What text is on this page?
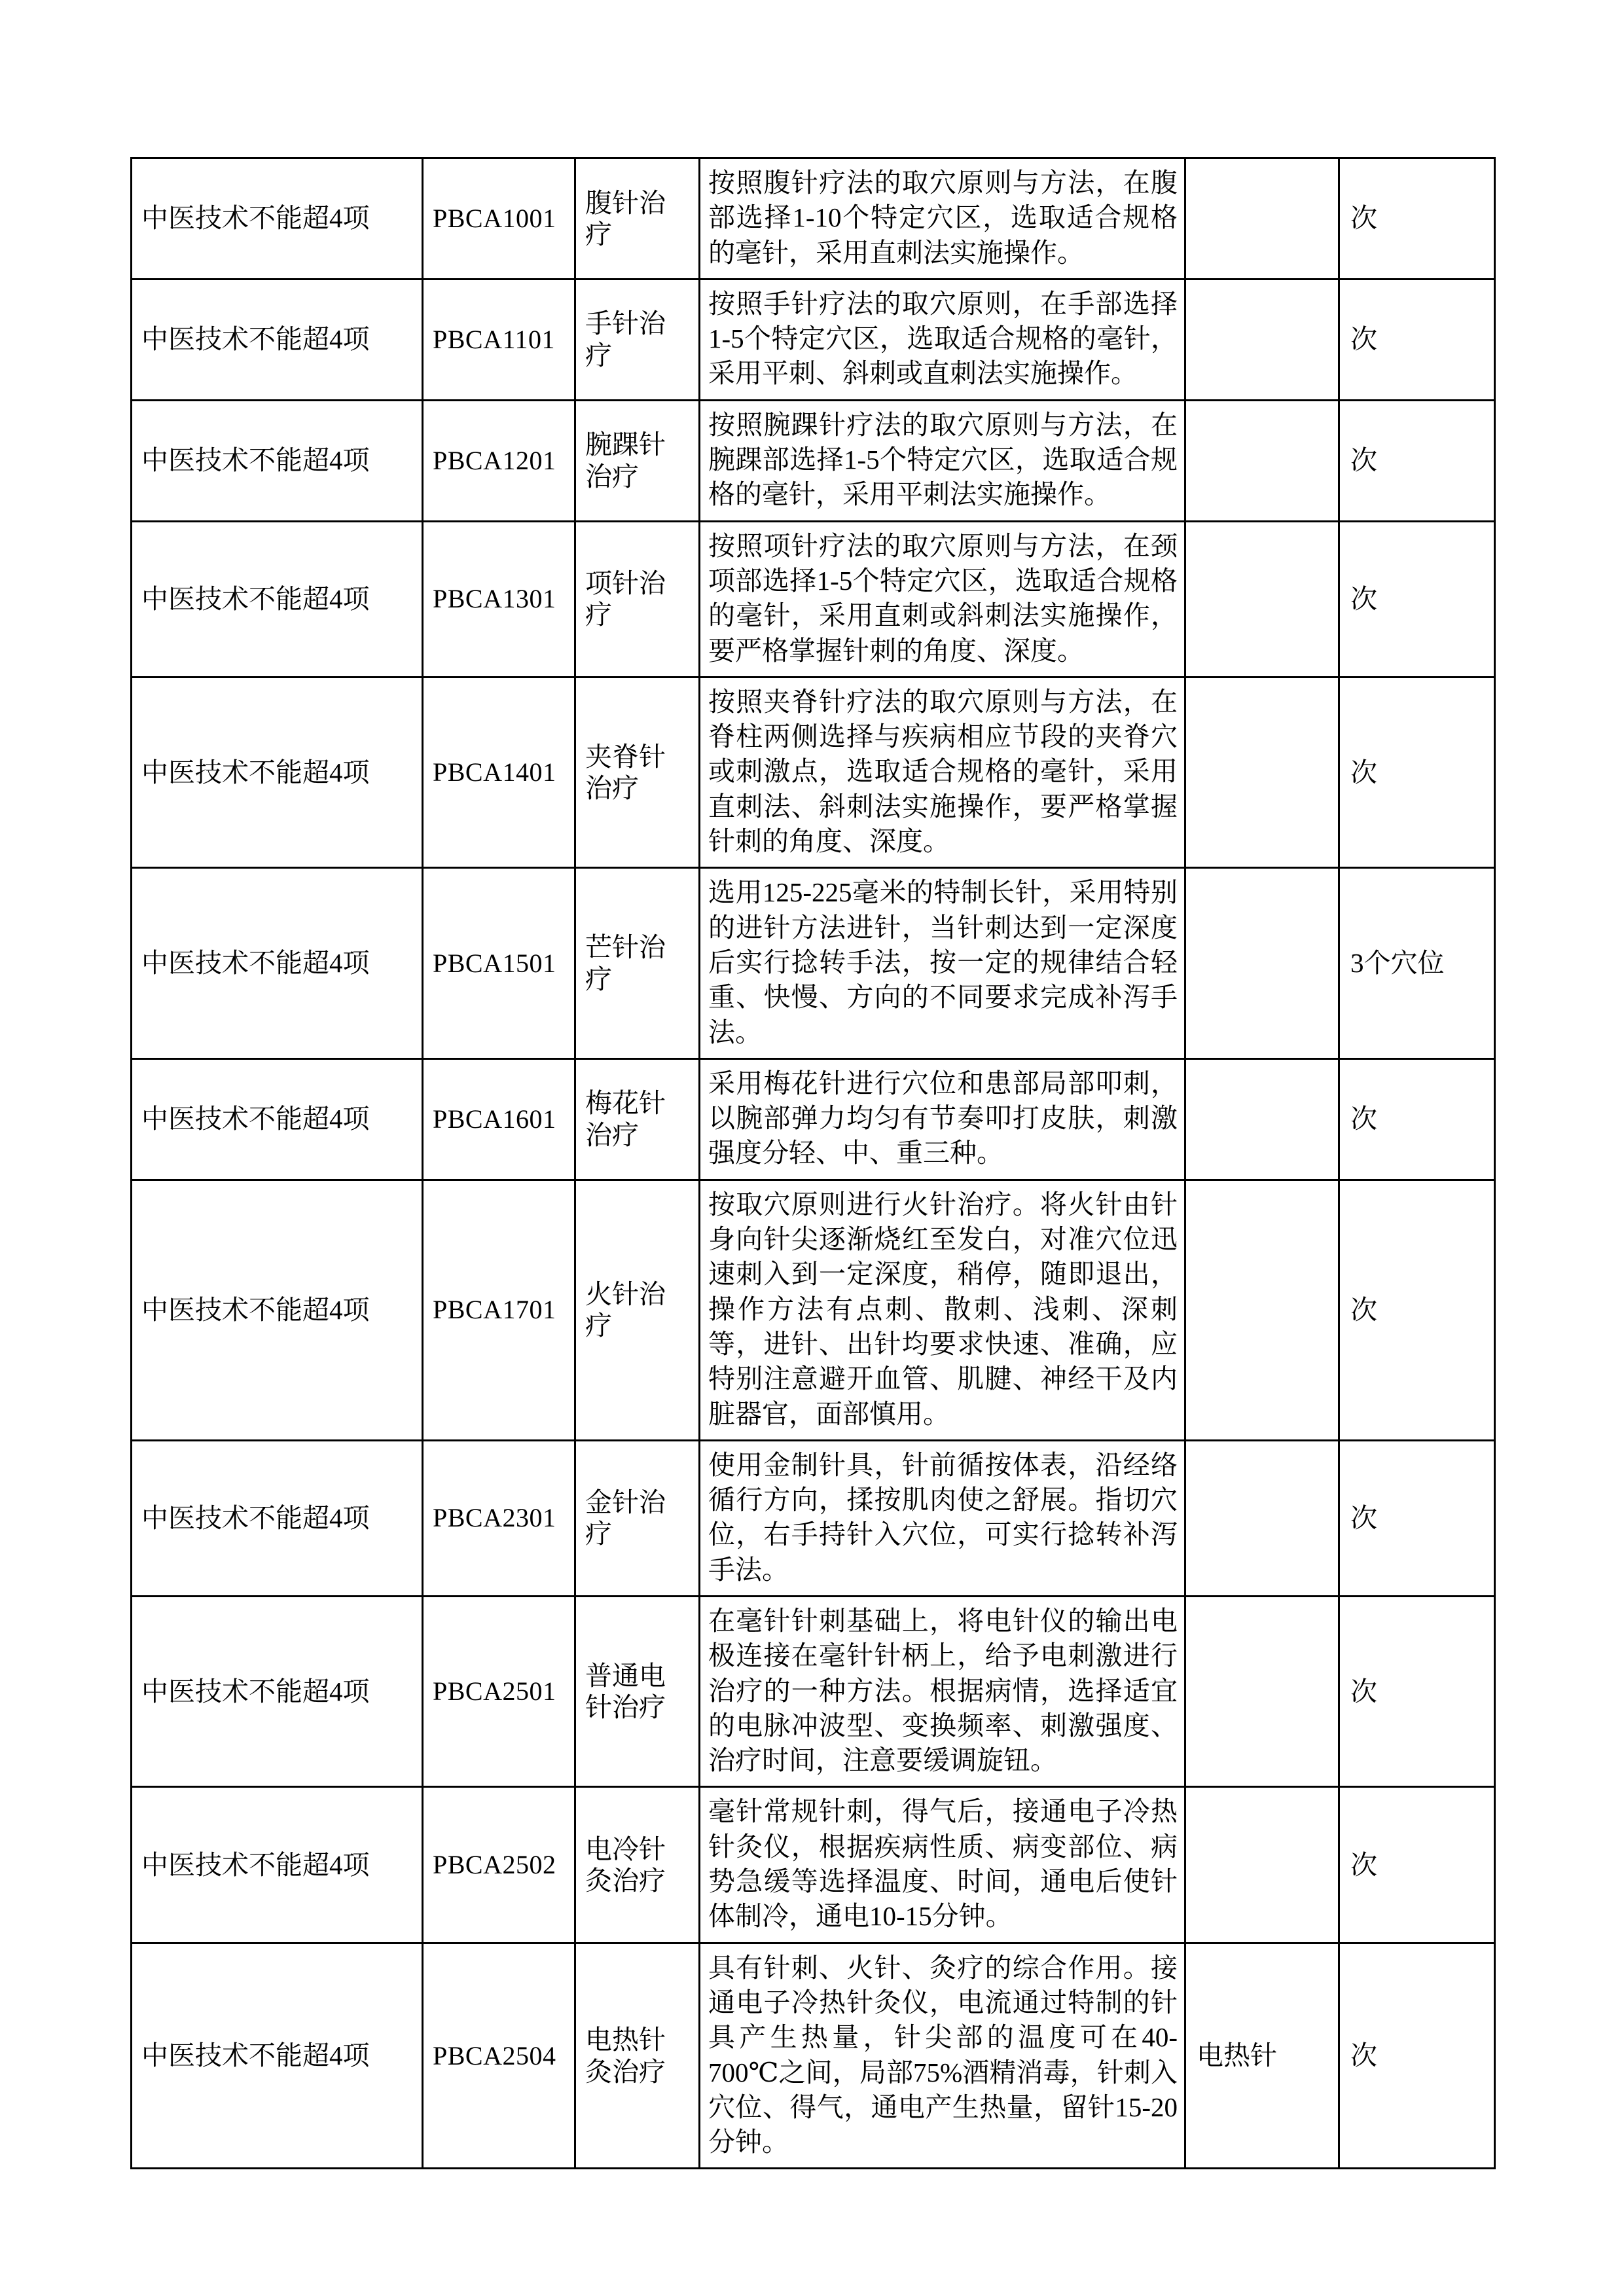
中医技术不能超4项	PBCA1001	腹针治疗	按照腹针疗法的取穴原则与方法，在腹部选择1-10个特定穴区，选取适合规格的毫针，采用直刺法实施操作。		次

中医技术不能超4项	PBCA1101	手针治疗	按照手针疗法的取穴原则，在手部选择1-5个特定穴区，选取适合规格的毫针，采用平刺、斜刺或直刺法实施操作。		次

中医技术不能超4项	PBCA1201	腕踝针治疗	按照腕踝针疗法的取穴原则与方法，在腕踝部选择1-5个特定穴区，选取适合规格的毫针，采用平刺法实施操作。		次

中医技术不能超4项	PBCA1301	项针治疗	按照项针疗法的取穴原则与方法，在颈项部选择1-5个特定穴区，选取适合规格的毫针，采用直刺或斜刺法实施操作，要严格掌握针刺的角度、深度。		次

中医技术不能超4项	PBCA1401	夹脊针治疗	按照夹脊针疗法的取穴原则与方法，在脊柱两侧选择与疾病相应节段的夹脊穴或刺激点，选取适合规格的毫针，采用直刺法、斜刺法实施操作，要严格掌握针刺的角度、深度。		次

中医技术不能超4项	PBCA1501	芒针治疗	选用125-225毫米的特制长针，采用特别的进针方法进针，当针刺达到一定深度后实行捻转手法，按一定的规律结合轻重、快慢、方向的不同要求完成补泻手法。		3个穴位

中医技术不能超4项	PBCA1601	梅花针治疗	采用梅花针进行穴位和患部局部叩刺，以腕部弹力均匀有节奏叩打皮肤，刺激强度分轻、中、重三种。		次

中医技术不能超4项	PBCA1701	火针治疗	按取穴原则进行火针治疗。将火针由针身向针尖逐渐烧红至发白，对准穴位迅速刺入到一定深度，稍停，随即退出，操作方法有点刺、散刺、浅刺、深刺等，进针、出针均要求快速、准确，应特别注意避开血管、肌腱、神经干及内脏器官，面部慎用。		次

中医技术不能超4项	PBCA2301	金针治疗	使用金制针具，针前循按体表，沿经络循行方向，揉按肌肉使之舒展。指切穴位，右手持针入穴位，可实行捻转补泻手法。		次

中医技术不能超4项	PBCA2501	普通电针治疗	在毫针针刺基础上，将电针仪的输出电极连接在毫针针柄上，给予电刺激进行治疗的一种方法。根据病情，选择适宜的电脉冲波型、变换频率、刺激强度、治疗时间，注意要缓调旋钮。		次

中医技术不能超4项	PBCA2502	电冷针灸治疗	毫针常规针刺，得气后，接通电子冷热针灸仪，根据疾病性质、病变部位、病势急缓等选择温度、时间，通电后使针体制冷，通电10-15分钟。		次

中医技术不能超4项	PBCA2504	电热针灸治疗	具有针刺、火针、灸疗的综合作用。接通电子冷热针灸仪，电流通过特制的针具产生热量，针尖部的温度可在40-700℃之间，局部75%酒精消毒，针刺入穴位、得气，通电产生热量，留针15-20分钟。	电热针	次
